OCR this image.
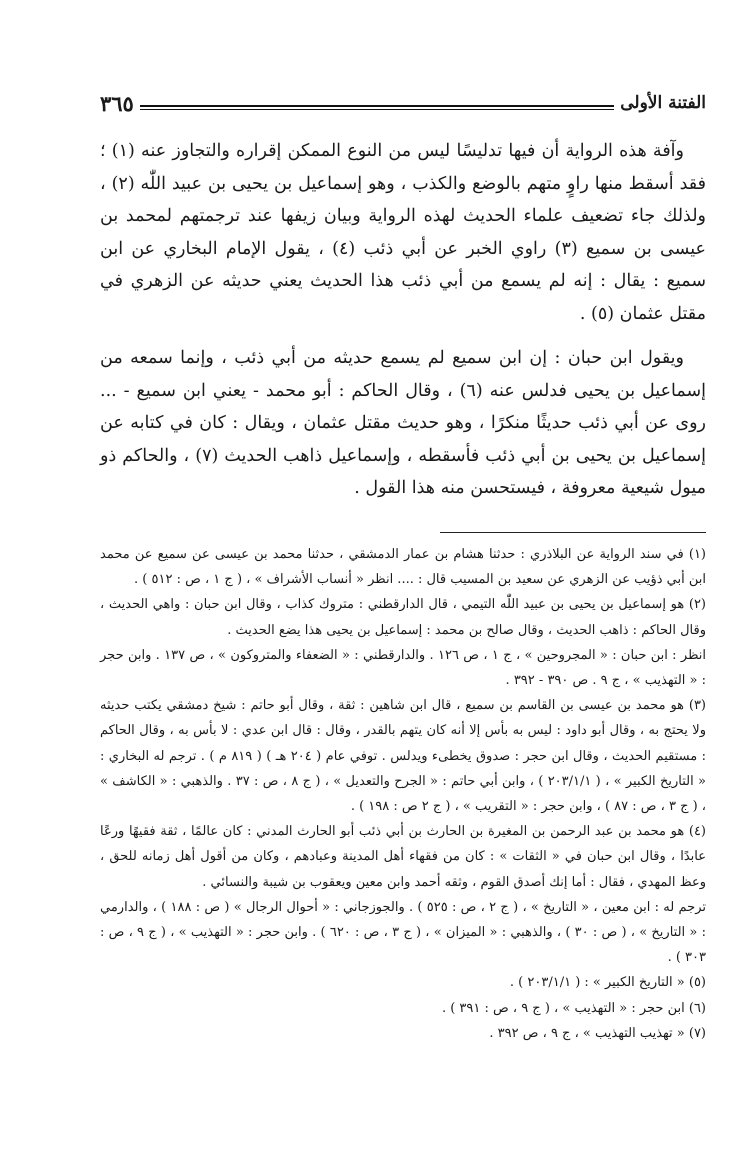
الفتنة الأولى
٣٦٥

وآفة هذه الرواية أن فيها تدليسًا ليس من النوع الممكن إقراره والتجاوز عنه (١) ؛ فقد أسقط منها راوٍ متهم بالوضع والكذب ، وهو إسماعيل بن يحيى بن عبيد اللّٰه (٢) ، ولذلك جاء تضعيف علماء الحديث لهذه الرواية وبيان زيفها عند ترجمتهم لمحمد بن عيسى بن سميع (٣) راوي الخبر عن أبي ذئب (٤) ، يقول الإمام البخاري عن ابن سميع : يقال : إنه لم يسمع من أبي ذئب هذا الحديث يعني حديثه عن الزهري في مقتل عثمان (٥) .

ويقول ابن حبان : إن ابن سميع لم يسمع حديثه من أبي ذئب ، وإنما سمعه من إسماعيل بن يحيى فدلس عنه (٦) ، وقال الحاكم : أبو محمد - يعني ابن سميع - ... روى عن أبي ذئب حديثًا منكرًا ، وهو حديث مقتل عثمان ، ويقال : كان في كتابه عن إسماعيل بن يحيى بن أبي ذئب فأسقطه ، وإسماعيل ذاهب الحديث (٧) ، والحاكم ذو ميول شيعية معروفة ، فيستحسن منه هذا القول .

(١) في سند الرواية عن البلاذري : حدثنا هشام بن عمار الدمشقي ، حدثنا محمد بن عيسى عن سميع عن محمد ابن أبي ذؤيب عن الزهري عن سعيد بن المسيب قال : .... انظر « أنساب الأشراف » ، ( ج ١ ، ص : ٥١٢ ) .

(٢) هو إسماعيل بن يحيى بن عبيد اللّٰه التيمي ، قال الدارقطني : متروك كذاب ، وقال ابن حبان : واهي الحديث ، وقال الحاكم : ذاهب الحديث ، وقال صالح بن محمد : إسماعيل بن يحيى هذا يضع الحديث .

انظر : ابن حبان : « المجروحين » ، ج ١ ، ص ١٢٦ . والدارقطني : « الضعفاء والمتروكون » ، ص ١٣٧ . وابن حجر : « التهذيب » ، ج ٩ . ص ٣٩٠ - ٣٩٢ .

(٣) هو محمد بن عيسى بن القاسم بن سميع ، قال ابن شاهين : ثقة ، وقال أبو حاتم : شيخ دمشقي يكتب حديثه ولا يحتج به ، وقال أبو داود : ليس به بأس إلا أنه كان يتهم بالقدر ، وقال : قال ابن عدي : لا بأس به ، وقال الحاكم : مستقيم الحديث ، وقال ابن حجر : صدوق يخطىء ويدلس . توفي عام ( ٢٠٤ هـ ) ( ٨١٩ م ) . ترجم له البخاري : « التاريخ الكبير » ، ( ٢٠٣/١/١ ) ، وابن أبي حاتم : « الجرح والتعديل » ، ( ج ٨ ، ص : ٣٧ . والذهبي : « الكاشف » ، ( ج ٣ ، ص : ٨٧ ) ، وابن حجر : « التقريب » ، ( ج ٢ ص : ١٩٨ ) .

(٤) هو محمد بن عبد الرحمن بن المغيرة بن الحارث بن أبي ذئب أبو الحارث المدني : كان عالمًا ، ثقة فقيهًا ورعًا عابدًا ، وقال ابن حبان في « الثقات » : كان من فقهاء أهل المدينة وعبادهم ، وكان من أقول أهل زمانه للحق ، وعظ المهدي ، فقال : أما إنك أصدق القوم ، وثقه أحمد وابن معين ويعقوب بن شيبة والنسائي .

ترجم له : ابن معين ، « التاريخ » ، ( ج ٢ ، ص : ٥٢٥ ) . والجوزجاني : « أحوال الرجال » ( ص : ١٨٨ ) ، والدارمي : « التاريخ » ، ( ص : ٣٠ ) ، والذهبي : « الميزان » ، ( ج ٣ ، ص : ٦٢٠ ) . وابن حجر : « التهذيب » ، ( ج ٩ ، ص : ٣٠٣ ) .

(٥) « التاريخ الكبير » : ( ٢٠٣/١/١ ) .

(٦) ابن حجر : « التهذيب » ، ( ج ٩ ، ص : ٣٩١ ) .

(٧) « تهذيب التهذيب » ، ج ٩ ، ص ٣٩٢ .
